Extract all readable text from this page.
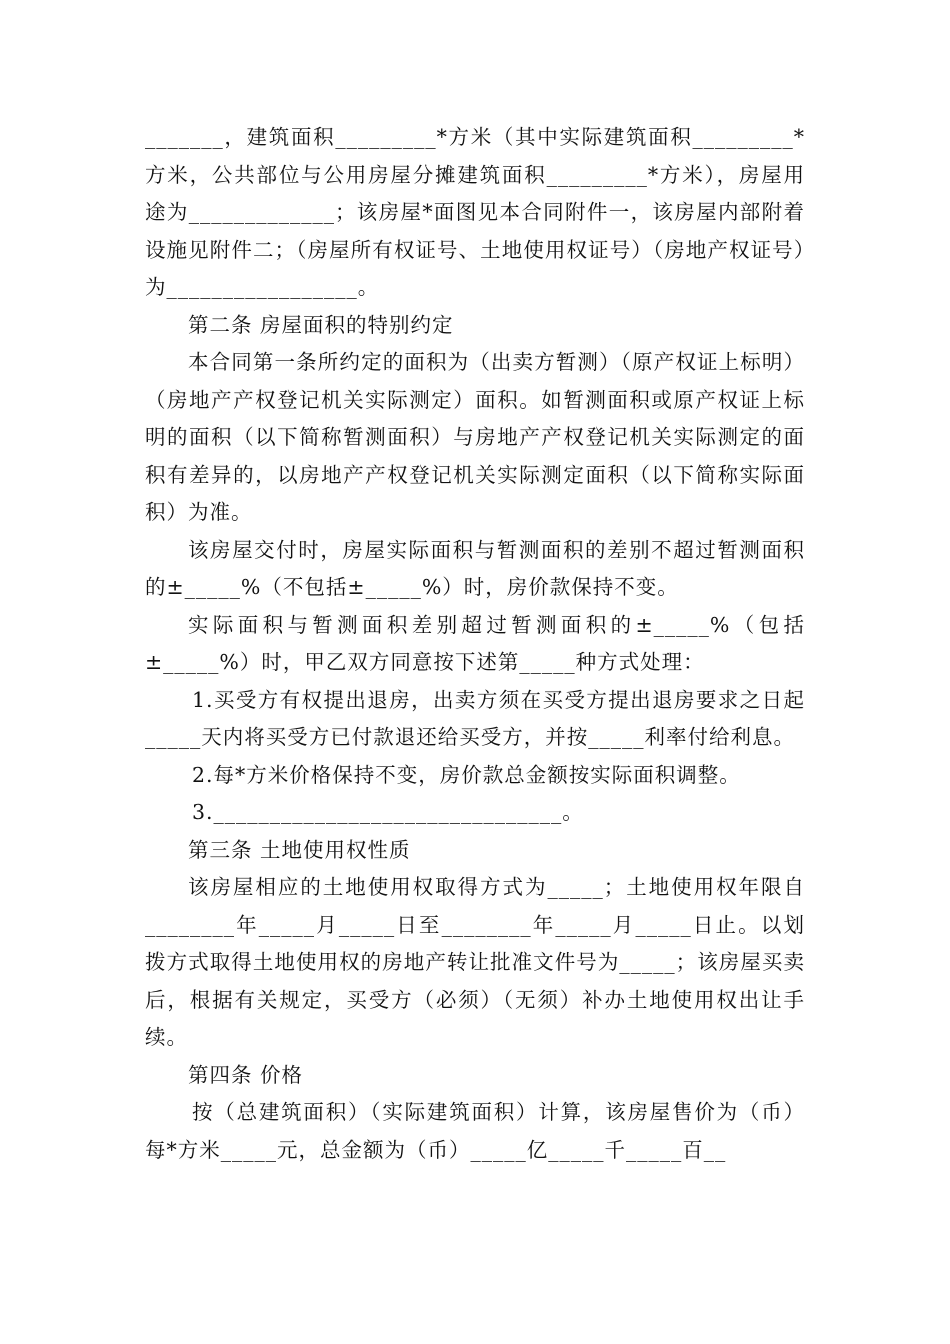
_______，建筑面积_________*方米（其中实际建筑面积_________*方米，公共部位与公用房屋分摊建筑面积_________*方米），房屋用途为_____________；该房屋*面图见本合同附件一，该房屋内部附着设施见附件二；（房屋所有权证号、土地使用权证号）（房地产权证号）为_________________。

第二条 房屋面积的特别约定

本合同第一条所约定的面积为（出卖方暂测）（原产权证上标明）（房地产产权登记机关实际测定）面积。如暂测面积或原产权证上标明的面积（以下简称暂测面积）与房地产产权登记机关实际测定的面积有差异的，以房地产产权登记机关实际测定面积（以下简称实际面积）为准。

该房屋交付时，房屋实际面积与暂测面积的差别不超过暂测面积的±_____%（不包括±_____%）时，房价款保持不变。

实际面积与暂测面积差别超过暂测面积的±_____%（包括±_____%）时，甲乙双方同意按下述第_____种方式处理：

1.买受方有权提出退房，出卖方须在买受方提出退房要求之日起_____天内将买受方已付款退还给买受方，并按_____利率付给利息。

2.每*方米价格保持不变，房价款总金额按实际面积调整。

3._______________________________。

第三条 土地使用权性质

该房屋相应的土地使用权取得方式为_____；土地使用权年限自________年_____月_____日至________年_____月_____日止。以划拨方式取得土地使用权的房地产转让批准文件号为_____；该房屋买卖后，根据有关规定，买受方（必须）（无须）补办土地使用权出让手续。

第四条 价格

按（总建筑面积）（实际建筑面积）计算，该房屋售价为（币）每*方米_____元，总金额为（币）_____亿_____千_____百__
